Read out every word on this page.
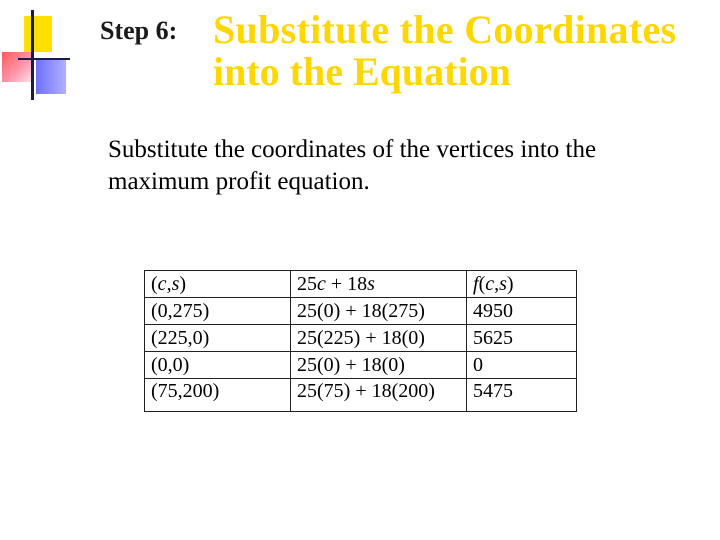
Step 6: Substitute the Coordinates
into the Equation
Substitute the coordinates of the vertices into the maximum profit equation.
(c,s)	25c + 18s	f(c,s)
(0,275)	25(0) + 18(275)	4950
(225,0)	25(225) + 18(0)	5625
(0,0)	25(0) + 18(0)	0
(75,200)	25(75) + 18(200)	5475
